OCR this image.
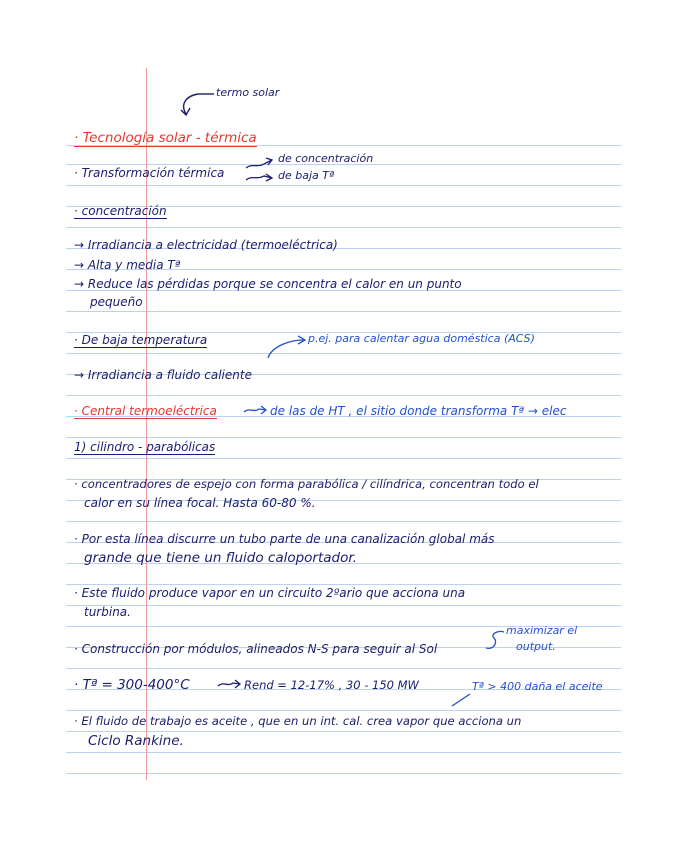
termo solar
· Tecnología solar - térmica
· Transformación térmica
de concentración
de baja Tª
· concentración
→ Irradiancia a electricidad (termoeléctrica)
→ Alta y media Tª
→ Reduce las pérdidas porque se concentra el calor en un punto
pequeño
· De baja temperatura	p.ej. para calentar agua doméstica (ACS)
→ Irradiancia a fluido caliente
· Central termoeléctrica	de las de HT , el sitio donde transforma Tª → elec
1) cilindro - parabólicas
· concentradores de espejo con forma parabólica / cilíndrica, concentran todo el
calor en su línea focal. Hasta 60-80 %.
· Por esta línea discurre un tubo parte de una canalización global más
grande que tiene un fluido caloportador.
· Este fluido produce vapor en un circuito 2ºario que acciona una
turbina.
· Construcción por módulos, alineados N-S para seguir al Sol
maximizar el
output.
· Tª = 300-400°C	Rend = 12-17% , 30 - 150 MW	Tª > 400 daña el aceite
· El fluido de trabajo es aceite , que en un int. cal. crea vapor que acciona un
Ciclo Rankine.
